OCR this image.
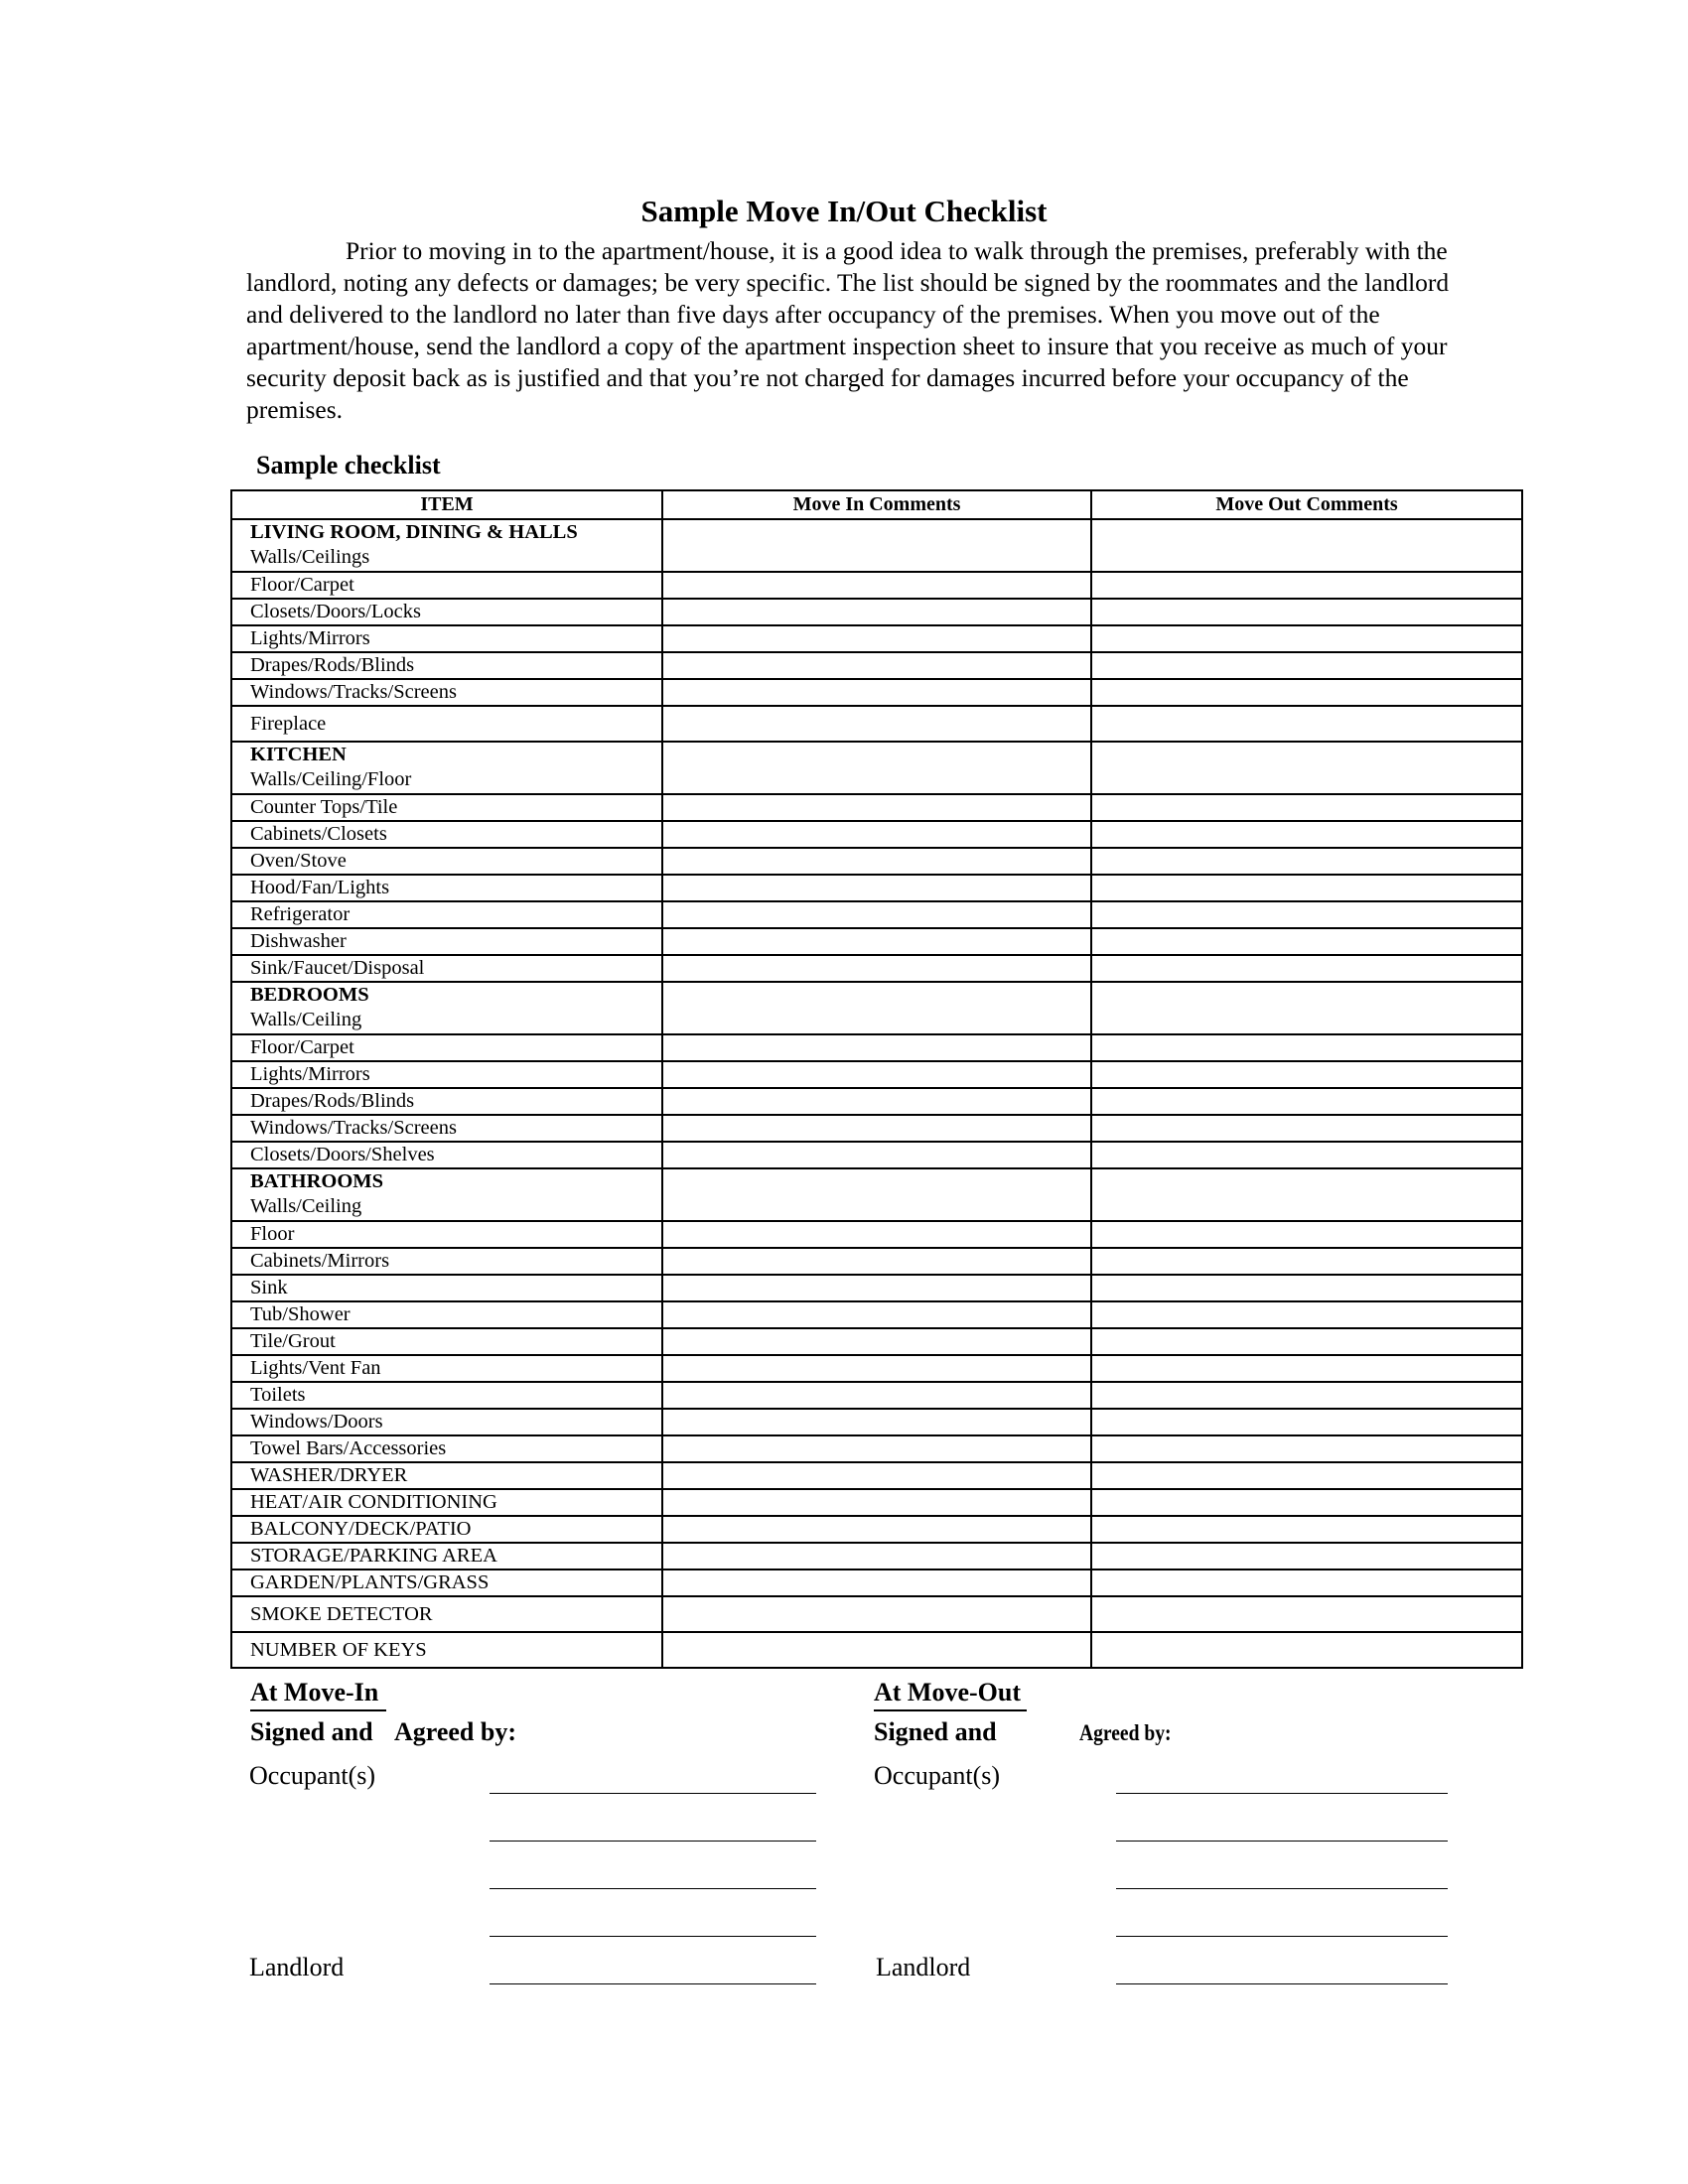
Sample Move In/Out Checklist
Prior to moving in to the apartment/house, it is a good idea to walk through the premises, preferably with the landlord, noting any defects or damages; be very specific. The list should be signed by the roommates and the landlord and delivered to the landlord no later than five days after occupancy of the premises. When you move out of the apartment/house, send the landlord a copy of the apartment inspection sheet to insure that you receive as much of your security deposit back as is justified and that you’re not charged for damages incurred before your occupancy of the premises.
Sample checklist
ITEM	Move In Comments	Move Out Comments

LIVING ROOM, DINING & HALLS
Walls/Ceilings		
Floor/Carpet		
Closets/Doors/Locks		
Lights/Mirrors		
Drapes/Rods/Blinds		
Windows/Tracks/Screens		
Fireplace		

KITCHEN
Walls/Ceiling/Floor		
Counter Tops/Tile		
Cabinets/Closets		
Oven/Stove		
Hood/Fan/Lights		
Refrigerator		
Dishwasher		
Sink/Faucet/Disposal		

BEDROOMS
Walls/Ceiling		
Floor/Carpet		
Lights/Mirrors		
Drapes/Rods/Blinds		
Windows/Tracks/Screens		
Closets/Doors/Shelves		

BATHROOMS
Walls/Ceiling		
Floor		
Cabinets/Mirrors		
Sink		
Tub/Shower		
Tile/Grout		
Lights/Vent Fan		
Toilets		
Windows/Doors		
Towel Bars/Accessories		
WASHER/DRYER		
HEAT/AIR CONDITIONING		
BALCONY/DECK/PATIO		
STORAGE/PARKING AREA		
GARDEN/PLANTS/GRASS		
SMOKE DETECTOR		
NUMBER OF KEYS		
At Move-In
Signed and Agreed by:
Occupant(s)
Landlord
At Move-Out
Signed and	Agreed by:
Occupant(s)
Landlord
